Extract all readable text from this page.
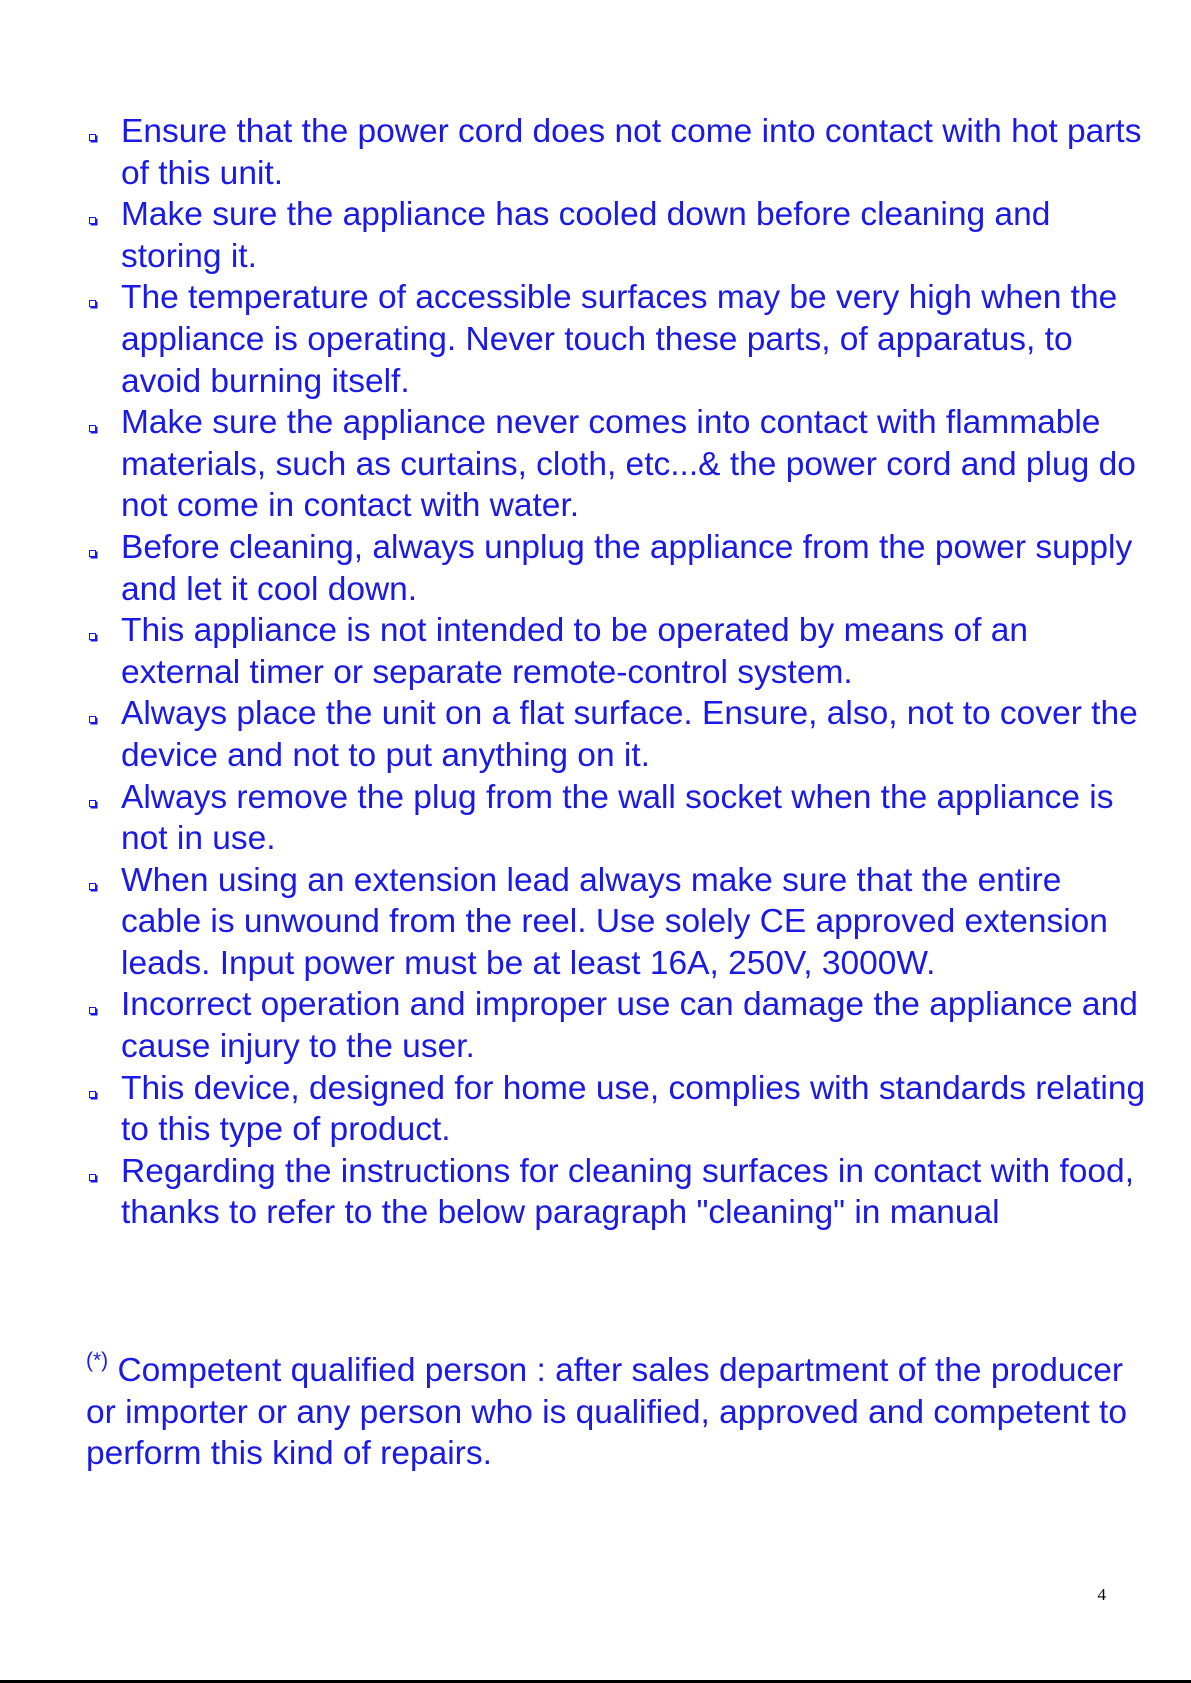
Ensure that the power cord does not come into contact with hot parts of this unit.
Make sure the appliance has cooled down before cleaning and storing it.
The temperature of accessible surfaces may be very high when the appliance is operating. Never touch these parts, of apparatus, to avoid burning itself.
Make sure the appliance never comes into contact with flammable materials, such as curtains, cloth, etc...& the power cord and plug do not come in contact with water.
Before cleaning, always unplug the appliance from the power supply and let it cool down.
This appliance is not intended to be operated by means of an external timer or separate remote-control system.
Always place the unit on a flat surface. Ensure, also, not to cover the device and not to put anything on it.
Always remove the plug from the wall socket when the appliance is not in use.
When using an extension lead always make sure that the entire cable is unwound from the reel. Use solely CE approved extension leads. Input power must be at least 16A, 250V, 3000W.
Incorrect operation and improper use can damage the appliance and cause injury to the user.
This device, designed for home use, complies with standards relating to this type of product.
Regarding the instructions for cleaning surfaces in contact with food, thanks to refer to the below paragraph "cleaning" in manual

(*) Competent qualified person : after sales department of the producer or importer or any person who is qualified, approved and competent to perform this kind of repairs.

4
